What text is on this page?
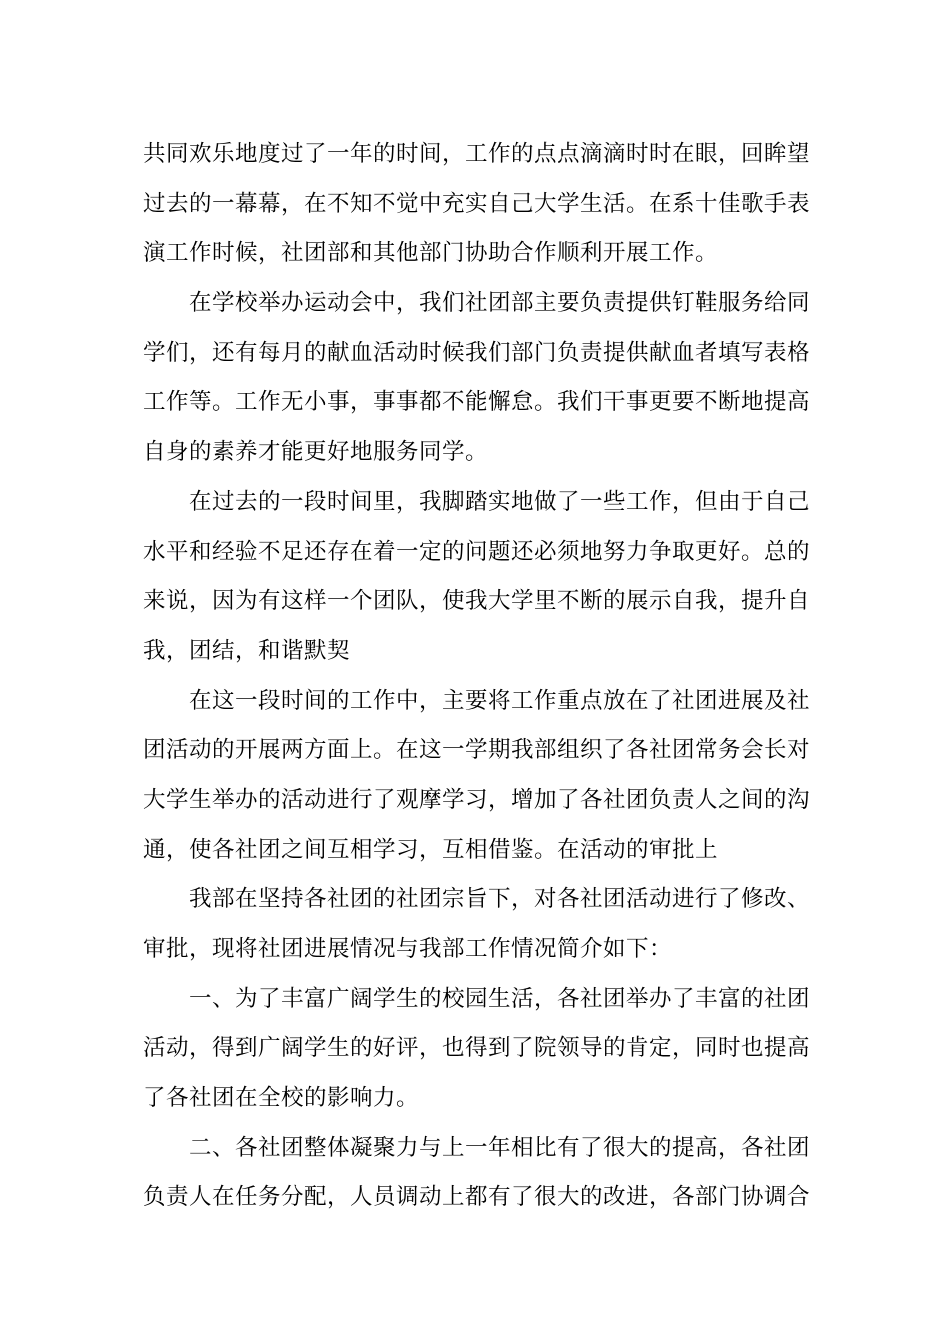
共同欢乐地度过了一年的时间，工作的点点滴滴时时在眼，回眸望
过去的一幕幕，在不知不觉中充实自己大学生活。在系十佳歌手表
演工作时候，社团部和其他部门协助合作顺利开展工作。
在学校举办运动会中，我们社团部主要负责提供钉鞋服务给同
学们，还有每月的献血活动时候我们部门负责提供献血者填写表格
工作等。工作无小事，事事都不能懈怠。我们干事更要不断地提高
自身的素养才能更好地服务同学。
在过去的一段时间里，我脚踏实地做了一些工作，但由于自己
水平和经验不足还存在着一定的问题还必须地努力争取更好。总的
来说，因为有这样一个团队，使我大学里不断的展示自我，提升自
我，团结，和谐默契
在这一段时间的工作中，主要将工作重点放在了社团进展及社
团活动的开展两方面上。在这一学期我部组织了各社团常务会长对
大学生举办的活动进行了观摩学习，增加了各社团负责人之间的沟
通，使各社团之间互相学习，互相借鉴。在活动的审批上
我部在坚持各社团的社团宗旨下，对各社团活动进行了修改、
审批，现将社团进展情况与我部工作情况简介如下：
一、为了丰富广阔学生的校园生活，各社团举办了丰富的社团
活动，得到广阔学生的好评，也得到了院领导的肯定，同时也提高
了各社团在全校的影响力。
二、各社团整体凝聚力与上一年相比有了很大的提高，各社团
负责人在任务分配，人员调动上都有了很大的改进，各部门协调合
